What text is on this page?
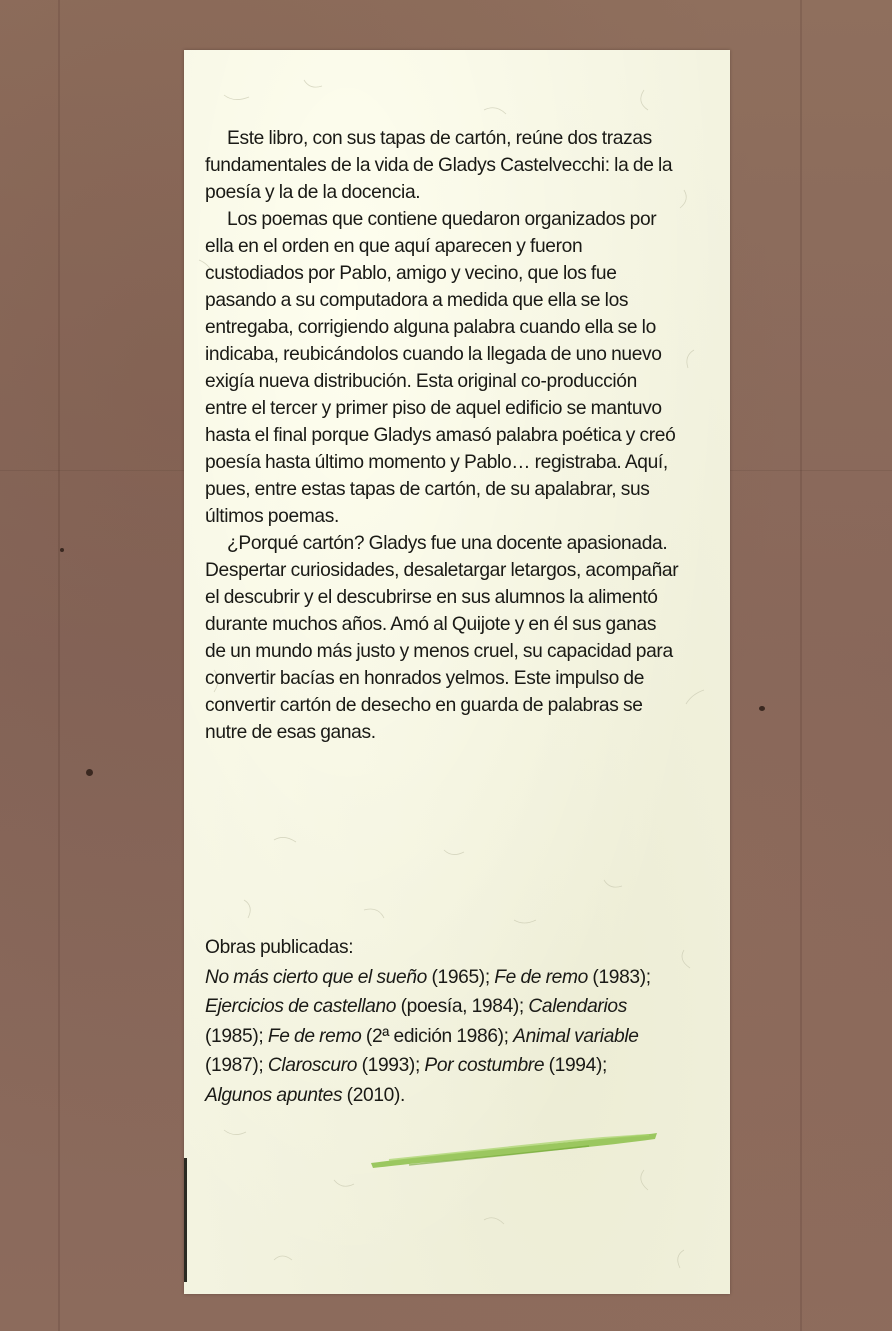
Este libro, con sus tapas de cartón, reúne dos trazas fundamentales de la vida de Gladys Castelvecchi: la de la poesía y la de la docencia.

Los poemas que contiene quedaron organizados por ella en el orden en que aquí aparecen y fueron custodiados por Pablo, amigo y vecino, que los fue pasando a su computadora a medida que ella se los entregaba, corrigiendo alguna palabra cuando ella se lo indicaba, reubicándolos cuando la llegada de uno nuevo exigía nueva distribución. Esta original co-producción entre el tercer y primer piso de aquel edificio se mantuvo hasta el final porque Gladys amasó palabra poética y creó poesía hasta último momento y Pablo… registraba. Aquí, pues, entre estas tapas de cartón, de su apalabrar, sus últimos poemas.

¿Porqué cartón? Gladys fue una docente apasionada. Despertar curiosidades, desaletargar letargos, acompañar el descubrir y el descubrirse en sus alumnos la alimentó durante muchos años. Amó al Quijote y en él sus ganas de un mundo más justo y menos cruel, su capacidad para convertir bacías en honrados yelmos. Este impulso de convertir cartón de desecho en guarda de palabras se nutre de esas ganas.

Obras publicadas:

No más cierto que el sueño (1965); Fe de remo (1983); Ejercicios de castellano (poesía, 1984); Calendarios (1985); Fe de remo (2ª edición 1986); Animal variable (1987); Claroscuro (1993); Por costumbre (1994); Algunos apuntes (2010).
